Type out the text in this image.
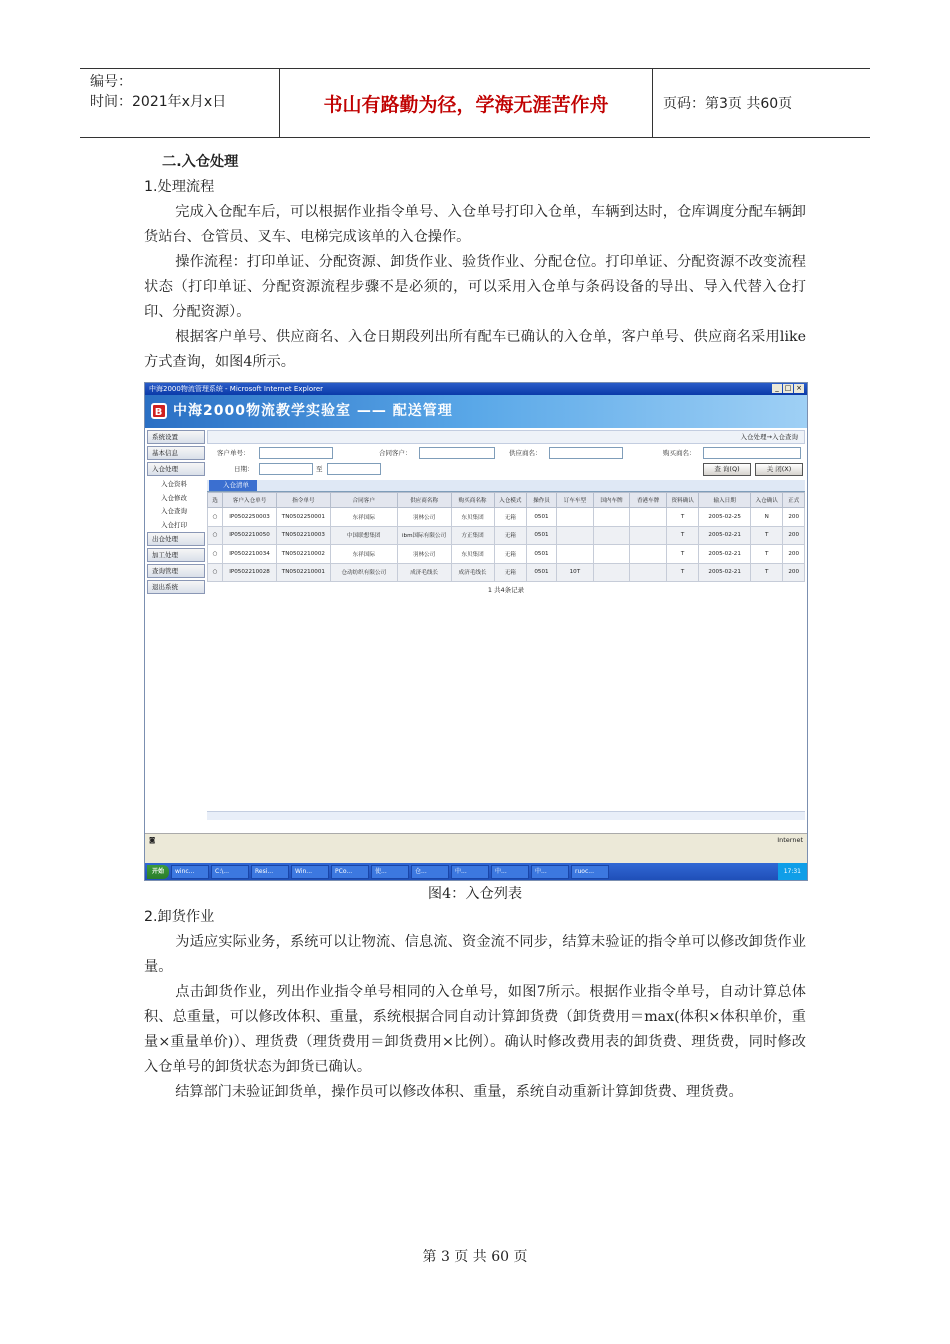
编号：
时间：2021年x月x日	书山有路勤为径，学海无涯苦作舟	页码：第3页 共60页
二.入仓处理
1.处理流程

完成入仓配车后，可以根据作业指令单号、入仓单号打印入仓单，车辆到达时，仓库调度分配车辆卸货站台、仓管员、叉车、电梯完成该单的入仓操作。

操作流程：打印单证、分配资源、卸货作业、验货作业、分配仓位。打印单证、分配资源不改变流程状态（打印单证、分配资源流程步骤不是必须的，可以采用入仓单与条码设备的导出、导入代替入仓打印、分配资源）。

根据客户单号、供应商名、入仓日期段列出所有配车已确认的入仓单，客户单号、供应商名采用like方式查询，如图4所示。

中海2000物流管理系统 - Microsoft Internet Explorer	_ □ ×
B 中海2000物流教学实验室 —— 配送管理
系统设置
基本信息
入仓处理
入仓资料
入仓修改
入仓查询
入仓打印
出仓处理
加工处理
查询管理
退出系统
入仓处理→入仓查询
客户单号：	合同客户：	供应商名：	购买商名：
日期：	至	查 询(Q)	关 闭(X)
入仓清单
选	客户入仓单号	指令单号	合同客户	供应商名称	购买商名称	入仓模式	操作员	订车车型	国内车牌	香港车牌	资料确认	输入日期	入仓确认	正式
○	IP0502250003	TN0502250001	东祥国际	羽林公司	东贝集团	无箱	0501				T	2005-02-25	N	200
○	IP0502210050	TN0502210003	中国联想集团	ibm国际有限公司	方正集团	无箱	0501				T	2005-02-21	T	200
○	IP0502210034	TN0502210002	东祥国际	羽林公司	东贝集团	无箱	0501				T	2005-02-21	T	200
○	IP0502210028	TN0502210001	仓动纺织有限公司	成济毛线长	成济毛线长	无箱	0501	10T			T	2005-02-21	T	200
1 共4条记录
◙	Internet
开始	winc...	C:\...	Resi...	Win...	PCo...	使...	仓...	中...	中...	中...	ruoc...	17:31
图4：入仓列表
2.卸货作业

为适应实际业务，系统可以让物流、信息流、资金流不同步，结算未验证的指令单可以修改卸货作业量。

点击卸货作业，列出作业指令单号相同的入仓单号，如图7所示。根据作业指令单号，自动计算总体积、总重量，可以修改体积、重量，系统根据合同自动计算卸货费（卸货费用＝max(体积×体积单价，重量×重量单价)）、理货费（理货费用＝卸货费用×比例）。确认时修改费用表的卸货费、理货费，同时修改入仓单号的卸货状态为卸货已确认。

结算部门未验证卸货单，操作员可以修改体积、重量，系统自动重新计算卸货费、理货费。

第 3 页 共 60 页
